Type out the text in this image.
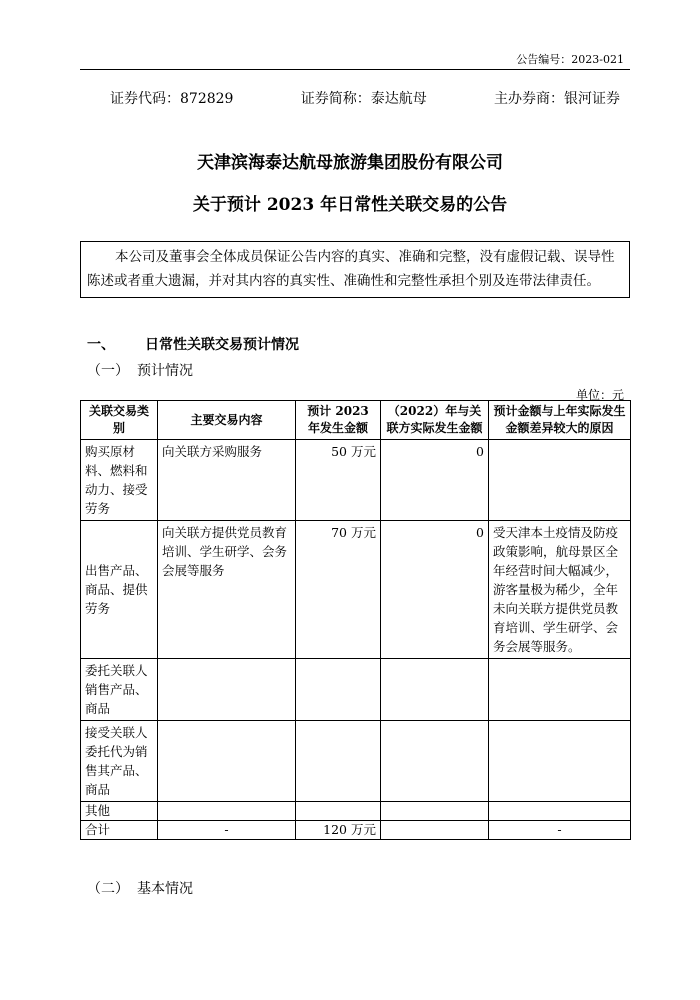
公告编号：2023-021
证券代码：872829	证券简称：泰达航母	主办券商：银河证券
天津滨海泰达航母旅游集团股份有限公司
关于预计 2023 年日常性关联交易的公告
本公司及董事会全体成员保证公告内容的真实、准确和完整，没有虚假记载、误导性陈述或者重大遗漏，并对其内容的真实性、准确性和完整性承担个别及连带法律责任。
一、 日常性关联交易预计情况
（一） 预计情况
单位：元
关联交易类别	主要交易内容	预计 2023 年发生金额	（2022）年与关联方实际发生金额	预计金额与上年实际发生金额差异较大的原因
购买原材料、燃料和动力、接受劳务	向关联方采购服务	50 万元	0	
出售产品、商品、提供劳务	向关联方提供党员教育培训、学生研学、会务会展等服务	70 万元	0	受天津本土疫情及防疫政策影响，航母景区全年经营时间大幅减少，游客量极为稀少，全年未向关联方提供党员教育培训、学生研学、会务会展等服务。
委托关联人销售产品、商品				
接受关联人委托代为销售其产品、商品				
其他				
合计	-	120 万元		-
（二） 基本情况
